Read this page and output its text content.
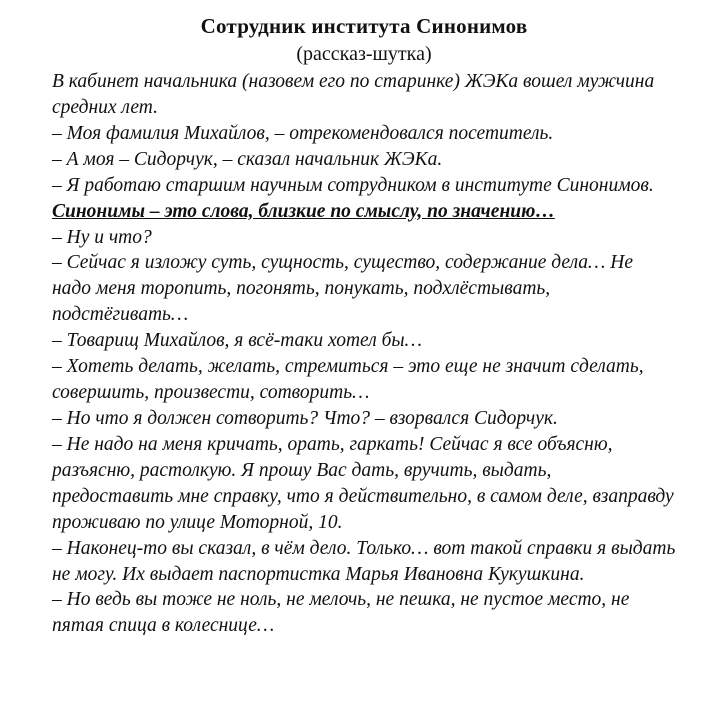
Сотрудник института Синонимов
(рассказ-шутка)

В кабинет начальника (назовем его по старинке) ЖЭКа вошел мужчина средних лет.

– Моя фамилия Михайлов, – отрекомендовался посетитель.

– А моя – Сидорчук, – сказал начальник ЖЭКа.

– Я работаю старшим научным сотрудником в институте Синонимов. Синонимы – это слова, близкие по смыслу, по значению…

– Ну и что?

– Сейчас я изложу суть, сущность, существо, содержание дела… Не надо меня торопить, погонять, понукать, подхлёстывать, подстёгивать…

– Товарищ Михайлов, я всё-таки хотел бы…

– Хотеть делать, желать, стремиться – это еще не значит сделать, совершить, произвести, сотворить…

– Но что я должен сотворить? Что? – взорвался Сидорчук.

– Не надо на меня кричать, орать, гаркать! Сейчас я все объясню, разъясню, растолкую. Я прошу Вас дать, вручить, выдать, предоставить мне справку, что я действительно, в самом деле, взаправду проживаю по улице Моторной, 10.

– Наконец-то вы сказал, в чём дело. Только… вот такой справки я выдать не могу. Их выдает паспортистка Марья Ивановна Кукушкина.

– Но ведь вы тоже не ноль, не мелочь, не пешка, не пустое место, не пятая спица в колеснице…
